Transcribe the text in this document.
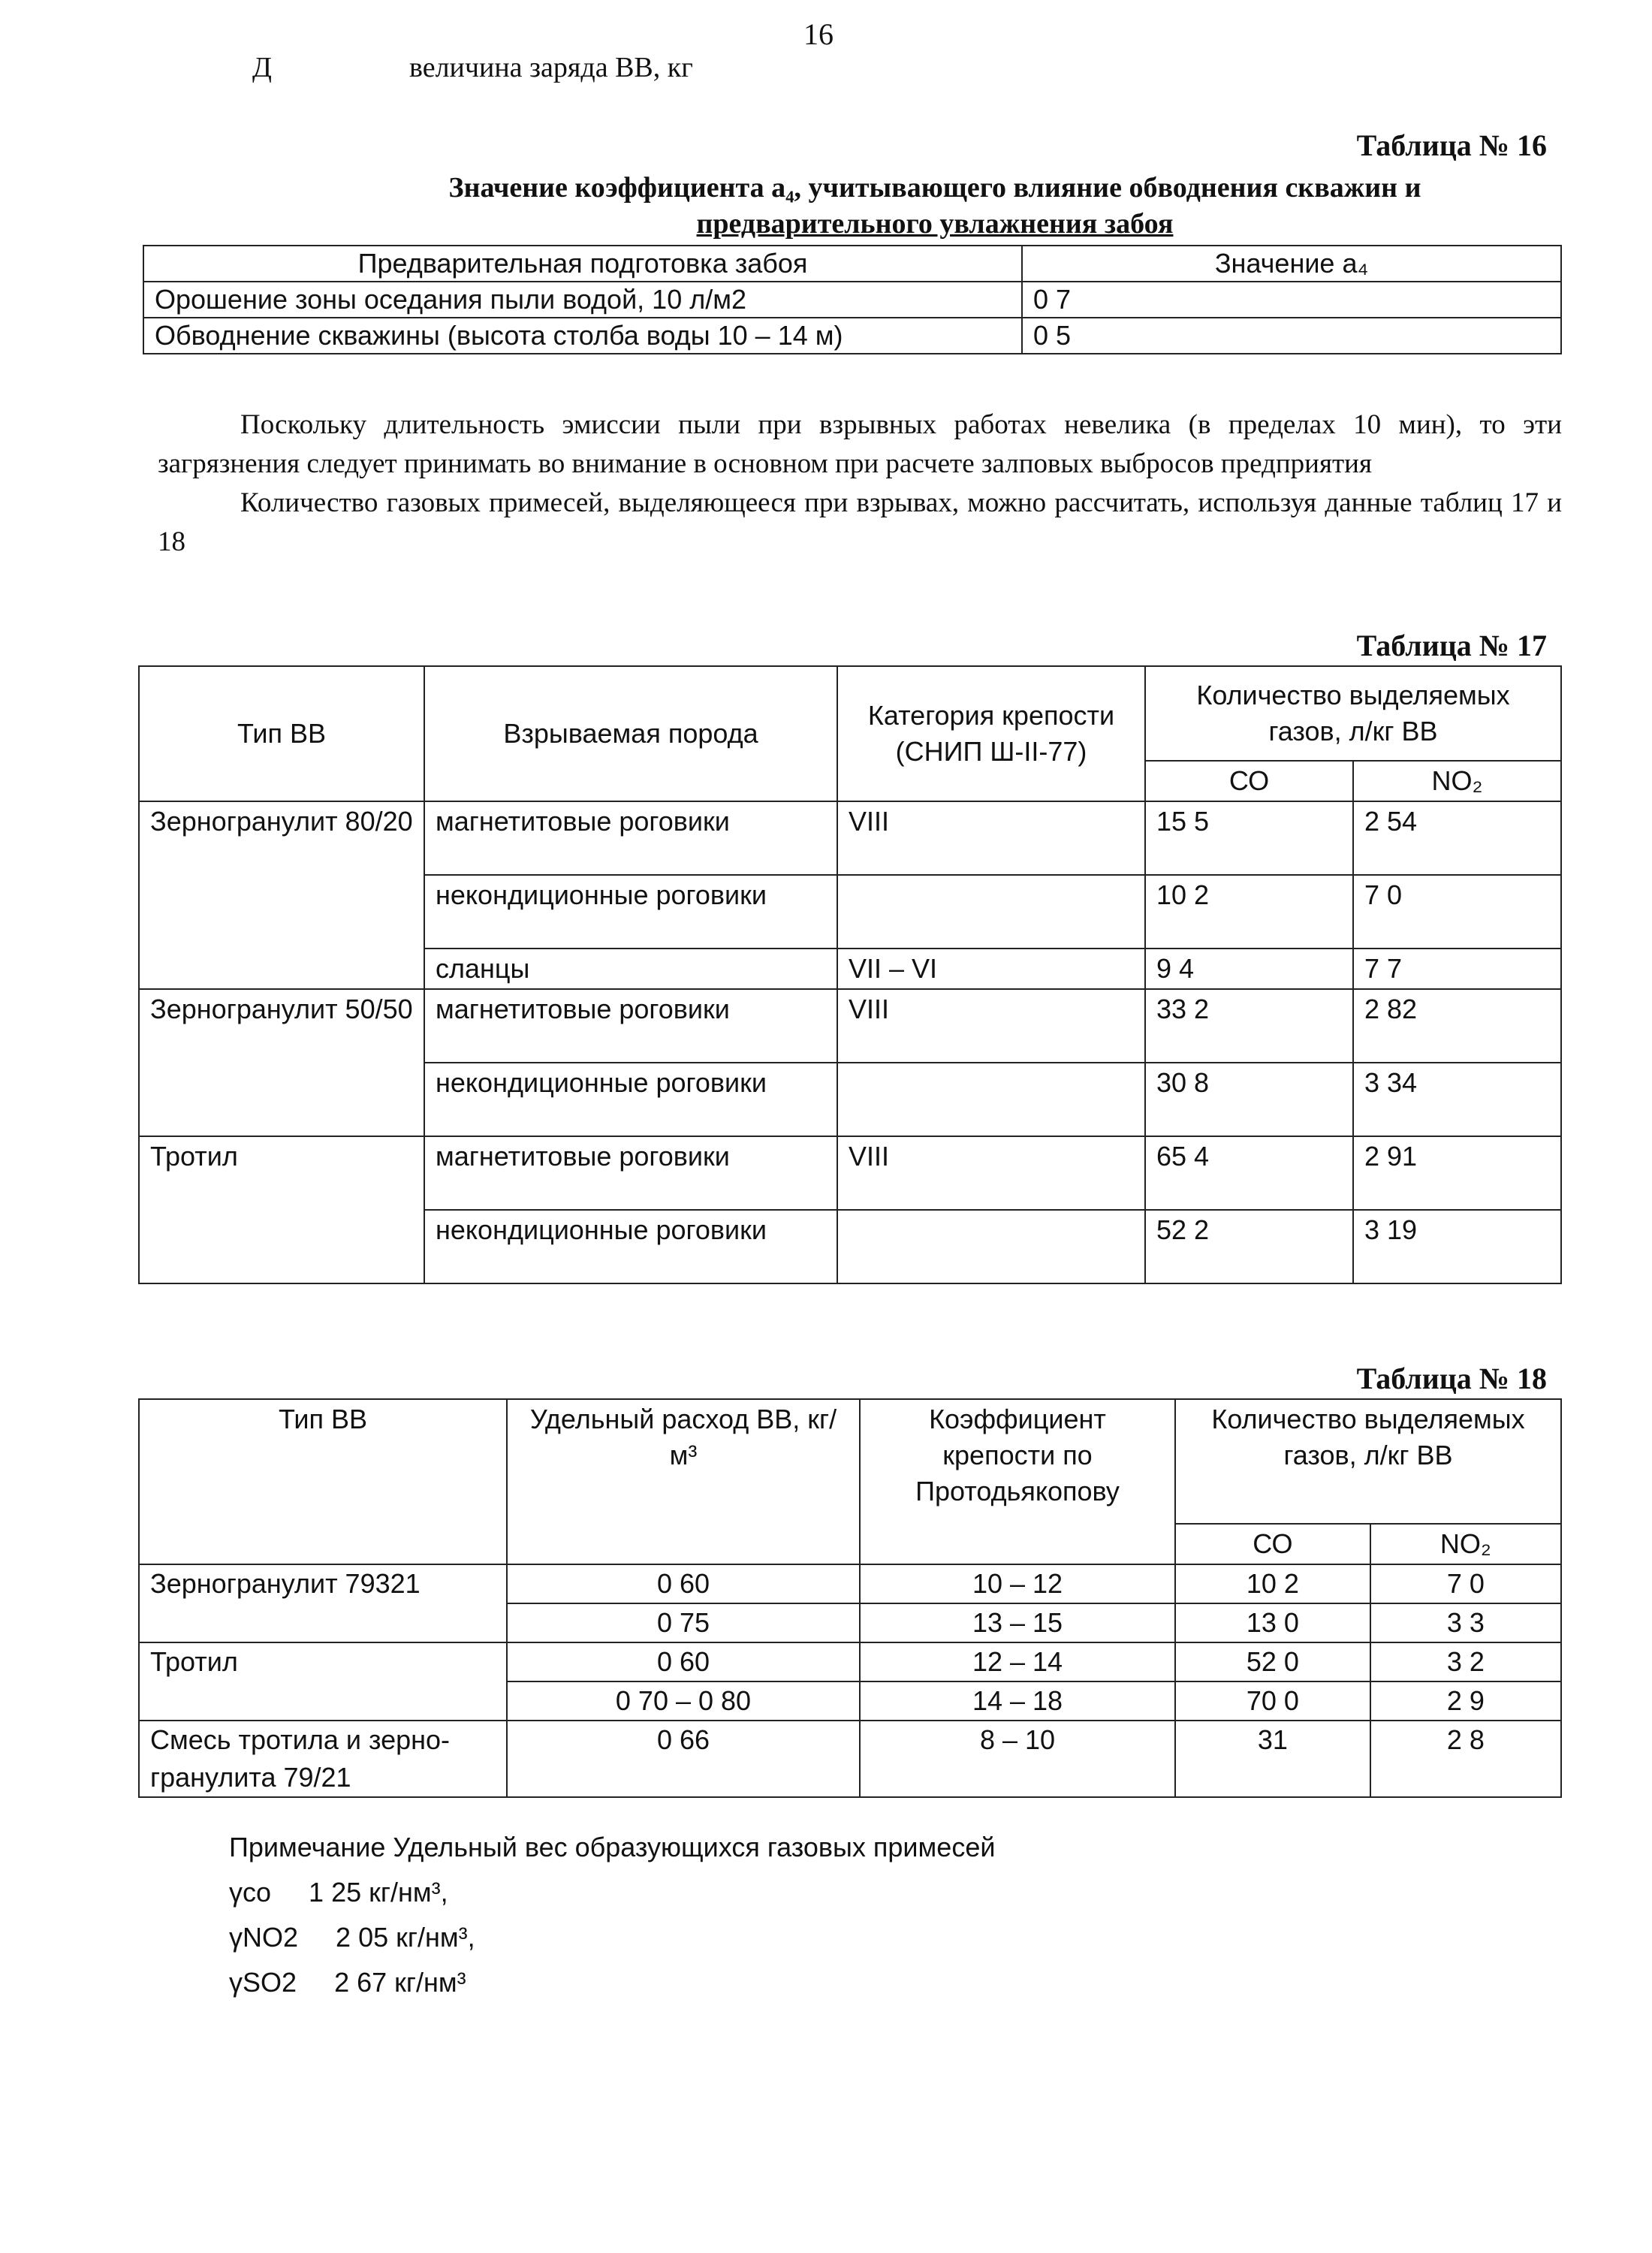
16
Д	величина заряда ВВ, кг
Таблица № 16
Значение коэффициента а₄, учитывающего влияние обводнения скважин и
предварительного увлажнения забоя
Предварительная подготовка забоя	Значение а₄
Орошение зоны оседания пыли водой, 10 л/м2	0 7
Обводнение скважины (высота столба воды 10 – 14 м)	0 5

Поскольку длительность эмиссии пыли при взрывных работах невелика (в пределах 10 мин), то эти загрязнения следует принимать во внимание в основном при расчете залповых выбросов предприятия

Количество газовых примесей, выделяющееся при взрывах, можно рассчитать, используя данные таблиц 17 и 18

Таблица № 17
Тип ВВ	Взрываемая порода	Категория крепости (СНИП Ш-II-77)	Количество выделяемых газов, л/кг ВВ	
			СО	NO₂
Зерногранулит 80/20	магнетитовые роговики	VIII	15 5	2 54
	некондиционные роговики		10 2	7 0
	сланцы	VII – VI	9 4	7 7
Зерногранулит 50/50	магнетитовые роговики	VIII	33 2	2 82
	некондиционные роговики		30 8	3 34
Тротил	магнетитовые роговики	VIII	65 4	2 91
	некондиционные роговики		52 2	3 19
Таблица № 18
Тип ВВ	Удельный расход ВВ, кг/м³	Коэффициент крепости по Протодьякопову	Количество выделяемых газов, л/кг ВВ	
			СО	NO₂
Зерногранулит 79321	0 60	10 – 12	10 2	7 0
	0 75	13 – 15	13 0	3 3
Тротил	0 60	12 – 14	52 0	3 2
	0 70 – 0 80	14 – 18	70 0	2 9
Смесь тротила и зерно-гранулита 79/21	0 66	8 – 10	31	2 8
Примечание Удельный вес образующихся газовых примесей
γco 1 25 кг/нм³,
γNO2 2 05 кг/нм³,
γSO2 2 67 кг/нм³
